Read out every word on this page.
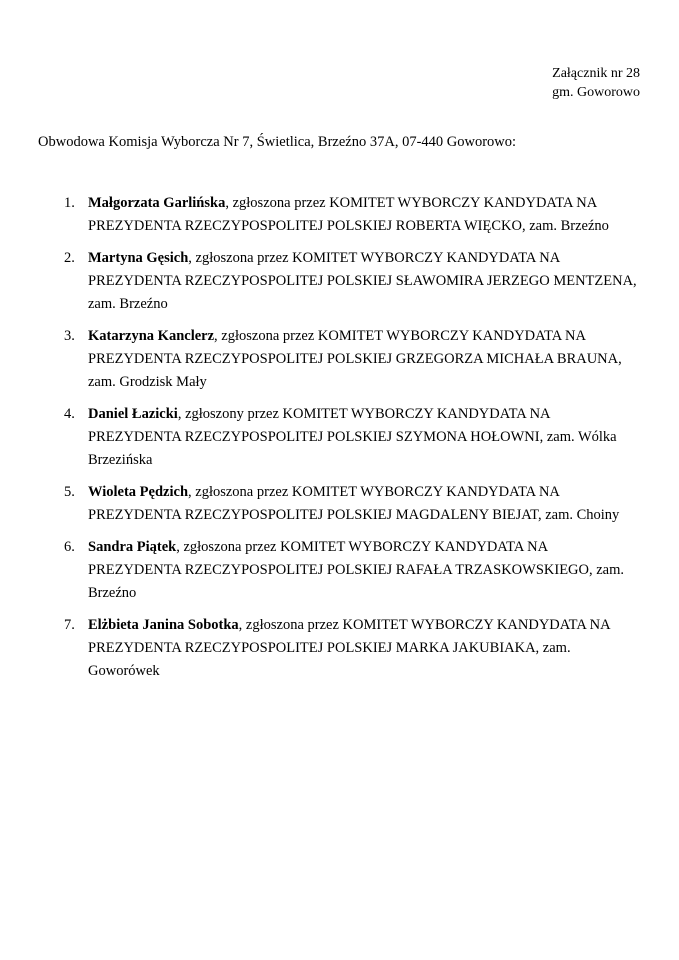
Załącznik nr 28
gm. Goworowo
Obwodowa Komisja Wyborcza Nr 7, Świetlica, Brzeźno 37A, 07-440 Goworowo:
1. Małgorzata Garlińska, zgłoszona przez KOMITET WYBORCZY KANDYDATA NA PREZYDENTA RZECZYPOSPOLITEJ POLSKIEJ ROBERTA WIĘCKO, zam. Brzeźno
2. Martyna Gęsich, zgłoszona przez KOMITET WYBORCZY KANDYDATA NA PREZYDENTA RZECZYPOSPOLITEJ POLSKIEJ SŁAWOMIRA JERZEGO MENTZENA, zam. Brzeźno
3. Katarzyna Kanclerz, zgłoszona przez KOMITET WYBORCZY KANDYDATA NA PREZYDENTA RZECZYPOSPOLITEJ POLSKIEJ GRZEGORZA MICHAŁA BRAUNA, zam. Grodzisk Mały
4. Daniel Łazicki, zgłoszony przez KOMITET WYBORCZY KANDYDATA NA PREZYDENTA RZECZYPOSPOLITEJ POLSKIEJ SZYMONA HOŁOWNI, zam. Wólka Brzezińska
5. Wioleta Pędzich, zgłoszona przez KOMITET WYBORCZY KANDYDATA NA PREZYDENTA RZECZYPOSPOLITEJ POLSKIEJ MAGDALENY BIEJAT, zam. Choiny
6. Sandra Piątek, zgłoszona przez KOMITET WYBORCZY KANDYDATA NA PREZYDENTA RZECZYPOSPOLITEJ POLSKIEJ RAFAŁA TRZASKOWSKIEGO, zam. Brzeźno
7. Elżbieta Janina Sobotka, zgłoszona przez KOMITET WYBORCZY KANDYDATA NA PREZYDENTA RZECZYPOSPOLITEJ POLSKIEJ MARKA JAKUBIAKA, zam. Goworówek
